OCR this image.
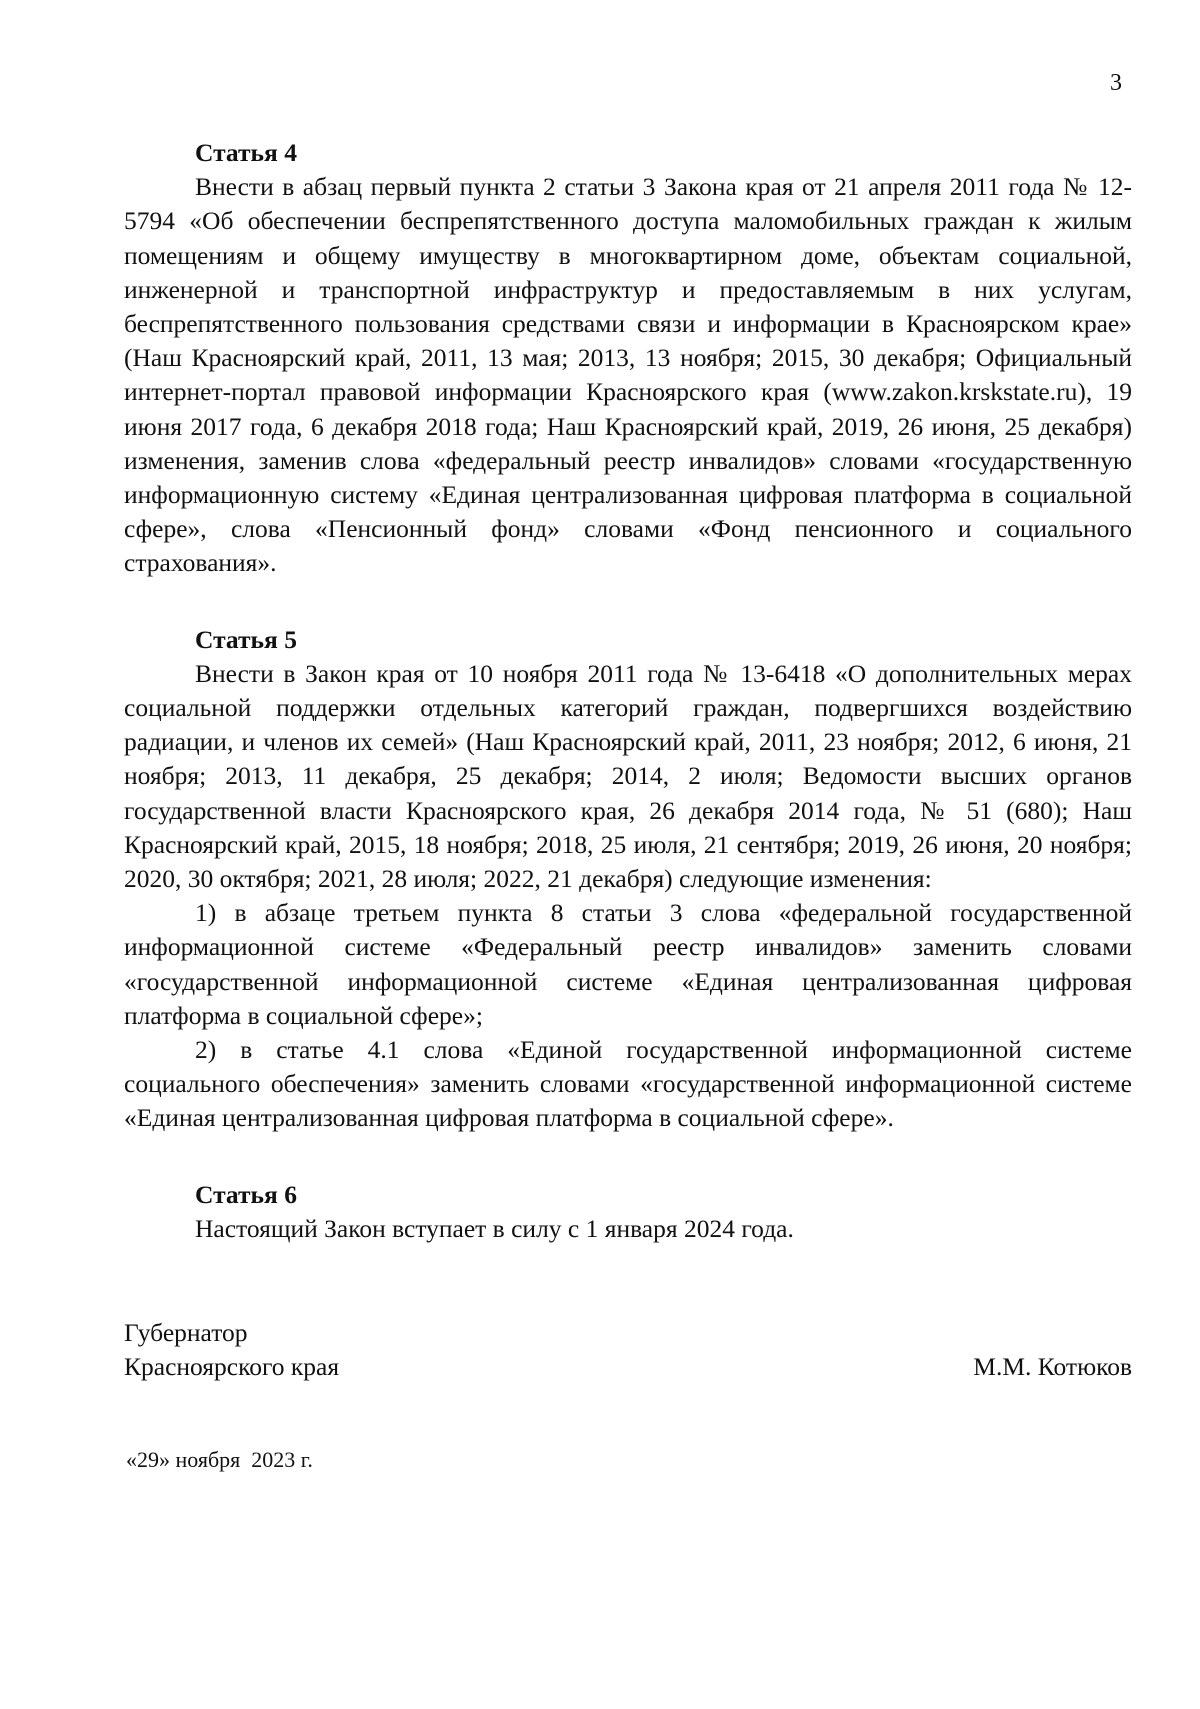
3

Статья 4

Внести в абзац первый пункта 2 статьи 3 Закона края от 21 апреля 2011 года № 12-5794 «Об обеспечении беспрепятственного доступа маломобильных граждан к жилым помещениям и общему имуществу в многоквартирном доме, объектам социальной, инженерной и транспортной инфраструктур и предоставляемым в них услугам, беспрепятственного пользования средствами связи и информации в Красноярском крае» (Наш Красноярский край, 2011, 13 мая; 2013, 13 ноября; 2015, 30 декабря; Официальный интернет-портал правовой информации Красноярского края (www.zakon.krskstate.ru), 19 июня 2017 года, 6 декабря 2018 года; Наш Красноярский край, 2019, 26 июня, 25 декабря) изменения, заменив слова «федеральный реестр инвалидов» словами «государственную информационную систему «Единая централизованная цифровая платформа в социальной сфере», слова «Пенсионный фонд» словами «Фонд пенсионного и социального страхования».

Статья 5

Внести в Закон края от 10 ноября 2011 года № 13-6418 «О дополнительных мерах социальной поддержки отдельных категорий граждан, подвергшихся воздействию радиации, и членов их семей» (Наш Красноярский край, 2011, 23 ноября; 2012, 6 июня, 21 ноября; 2013, 11 декабря, 25 декабря; 2014, 2 июля; Ведомости высших органов государственной власти Красноярского края, 26 декабря 2014 года, № 51 (680); Наш Красноярский край, 2015, 18 ноября; 2018, 25 июля, 21 сентября; 2019, 26 июня, 20 ноября; 2020, 30 октября; 2021, 28 июля; 2022, 21 декабря) следующие изменения:

1) в абзаце третьем пункта 8 статьи 3 слова «федеральной государственной информационной системе «Федеральный реестр инвалидов» заменить словами «государственной информационной системе «Единая централизованная цифровая платформа в социальной сфере»;

2) в статье 4.1 слова «Единой государственной информационной системе социального обеспечения» заменить словами «государственной информационной системе «Единая централизованная цифровая платформа в социальной сфере».

Статья 6

Настоящий Закон вступает в силу с 1 января 2024 года.

Губернатор
Красноярского края	М.М. Котюков
«29» ноября  2023 г.
